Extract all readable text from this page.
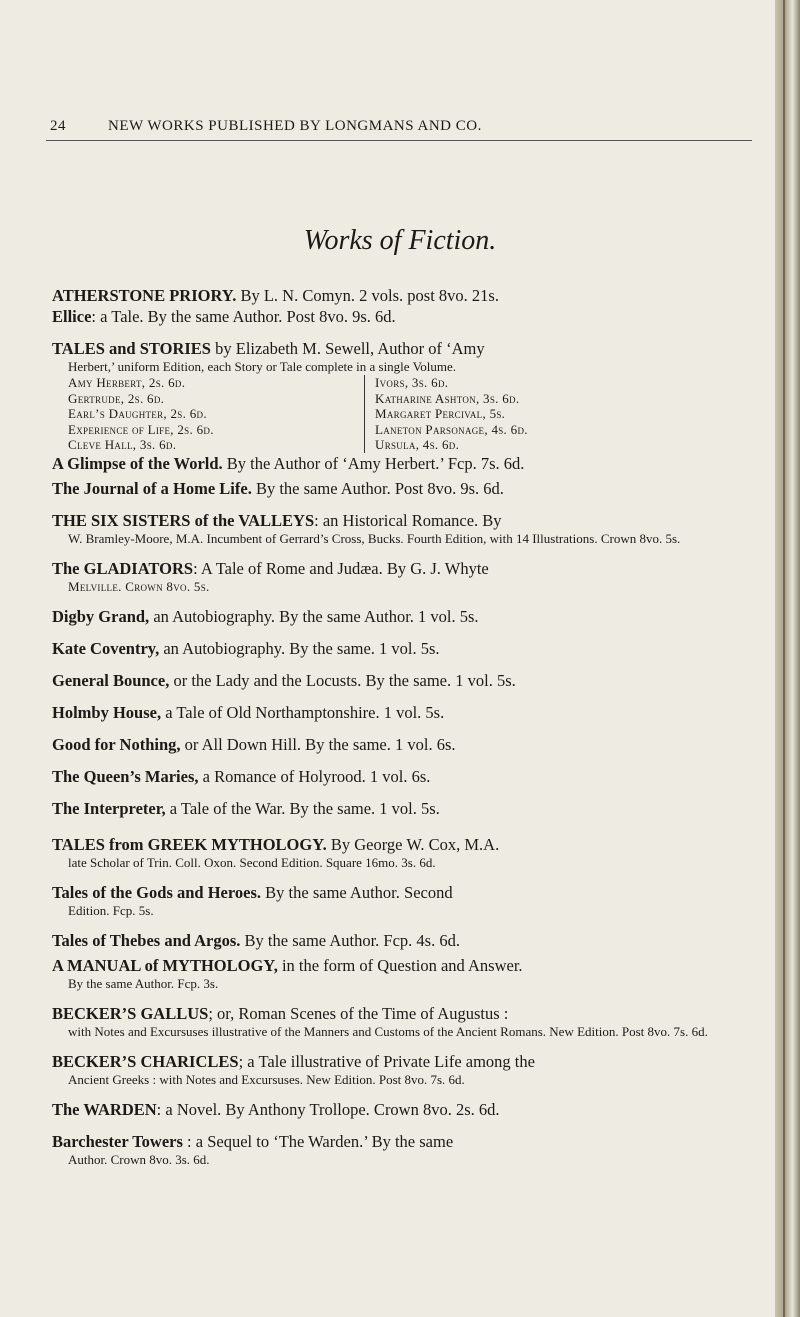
24	NEW WORKS PUBLISHED BY LONGMANS AND CO.
Works of Fiction.

ATHERSTONE PRIORY. By L. N. Comyn. 2 vols. post 8vo. 21s.

Ellice: a Tale. By the same Author. Post 8vo. 9s. 6d.

TALES and STORIES by Elizabeth M. Sewell, Author of ‘Amy
Herbert,’ uniform Edition, each Story or Tale complete in a single Volume.
Amy Herbert, 2s. 6d.
Gertrude, 2s. 6d.
Earl’s Daughter, 2s. 6d.
Experience of Life, 2s. 6d.
Cleve Hall, 3s. 6d.
Ivors, 3s. 6d.
Katharine Ashton, 3s. 6d.
Margaret Percival, 5s.
Laneton Parsonage, 4s. 6d.
Ursula, 4s. 6d.

A Glimpse of the World. By the Author of ‘Amy Herbert.’ Fcp. 7s. 6d.

The Journal of a Home Life. By the same Author. Post 8vo. 9s. 6d.

THE SIX SISTERS of the VALLEYS: an Historical Romance. By
W. Bramley-Moore, M.A. Incumbent of Gerrard’s Cross, Bucks. Fourth Edition, with 14 Illustrations. Crown 8vo. 5s.
The GLADIATORS: A Tale of Rome and Judæa. By G. J. Whyte
Melville. Crown 8vo. 5s.

Digby Grand, an Autobiography. By the same Author. 1 vol. 5s.

Kate Coventry, an Autobiography. By the same. 1 vol. 5s.

General Bounce, or the Lady and the Locusts. By the same. 1 vol. 5s.

Holmby House, a Tale of Old Northamptonshire. 1 vol. 5s.

Good for Nothing, or All Down Hill. By the same. 1 vol. 6s.

The Queen’s Maries, a Romance of Holyrood. 1 vol. 6s.

The Interpreter, a Tale of the War. By the same. 1 vol. 5s.

TALES from GREEK MYTHOLOGY. By George W. Cox, M.A.
late Scholar of Trin. Coll. Oxon. Second Edition. Square 16mo. 3s. 6d.
Tales of the Gods and Heroes. By the same Author. Second
Edition. Fcp. 5s.

Tales of Thebes and Argos. By the same Author. Fcp. 4s. 6d.

A MANUAL of MYTHOLOGY, in the form of Question and Answer.
By the same Author. Fcp. 3s.
BECKER’S GALLUS; or, Roman Scenes of the Time of Augustus :
with Notes and Excursuses illustrative of the Manners and Customs of the Ancient Romans. New Edition. Post 8vo. 7s. 6d.
BECKER’S CHARICLES; a Tale illustrative of Private Life among the
Ancient Greeks : with Notes and Excursuses. New Edition. Post 8vo. 7s. 6d.

The WARDEN: a Novel. By Anthony Trollope. Crown 8vo. 2s. 6d.

Barchester Towers : a Sequel to ‘The Warden.’ By the same
Author. Crown 8vo. 3s. 6d.
